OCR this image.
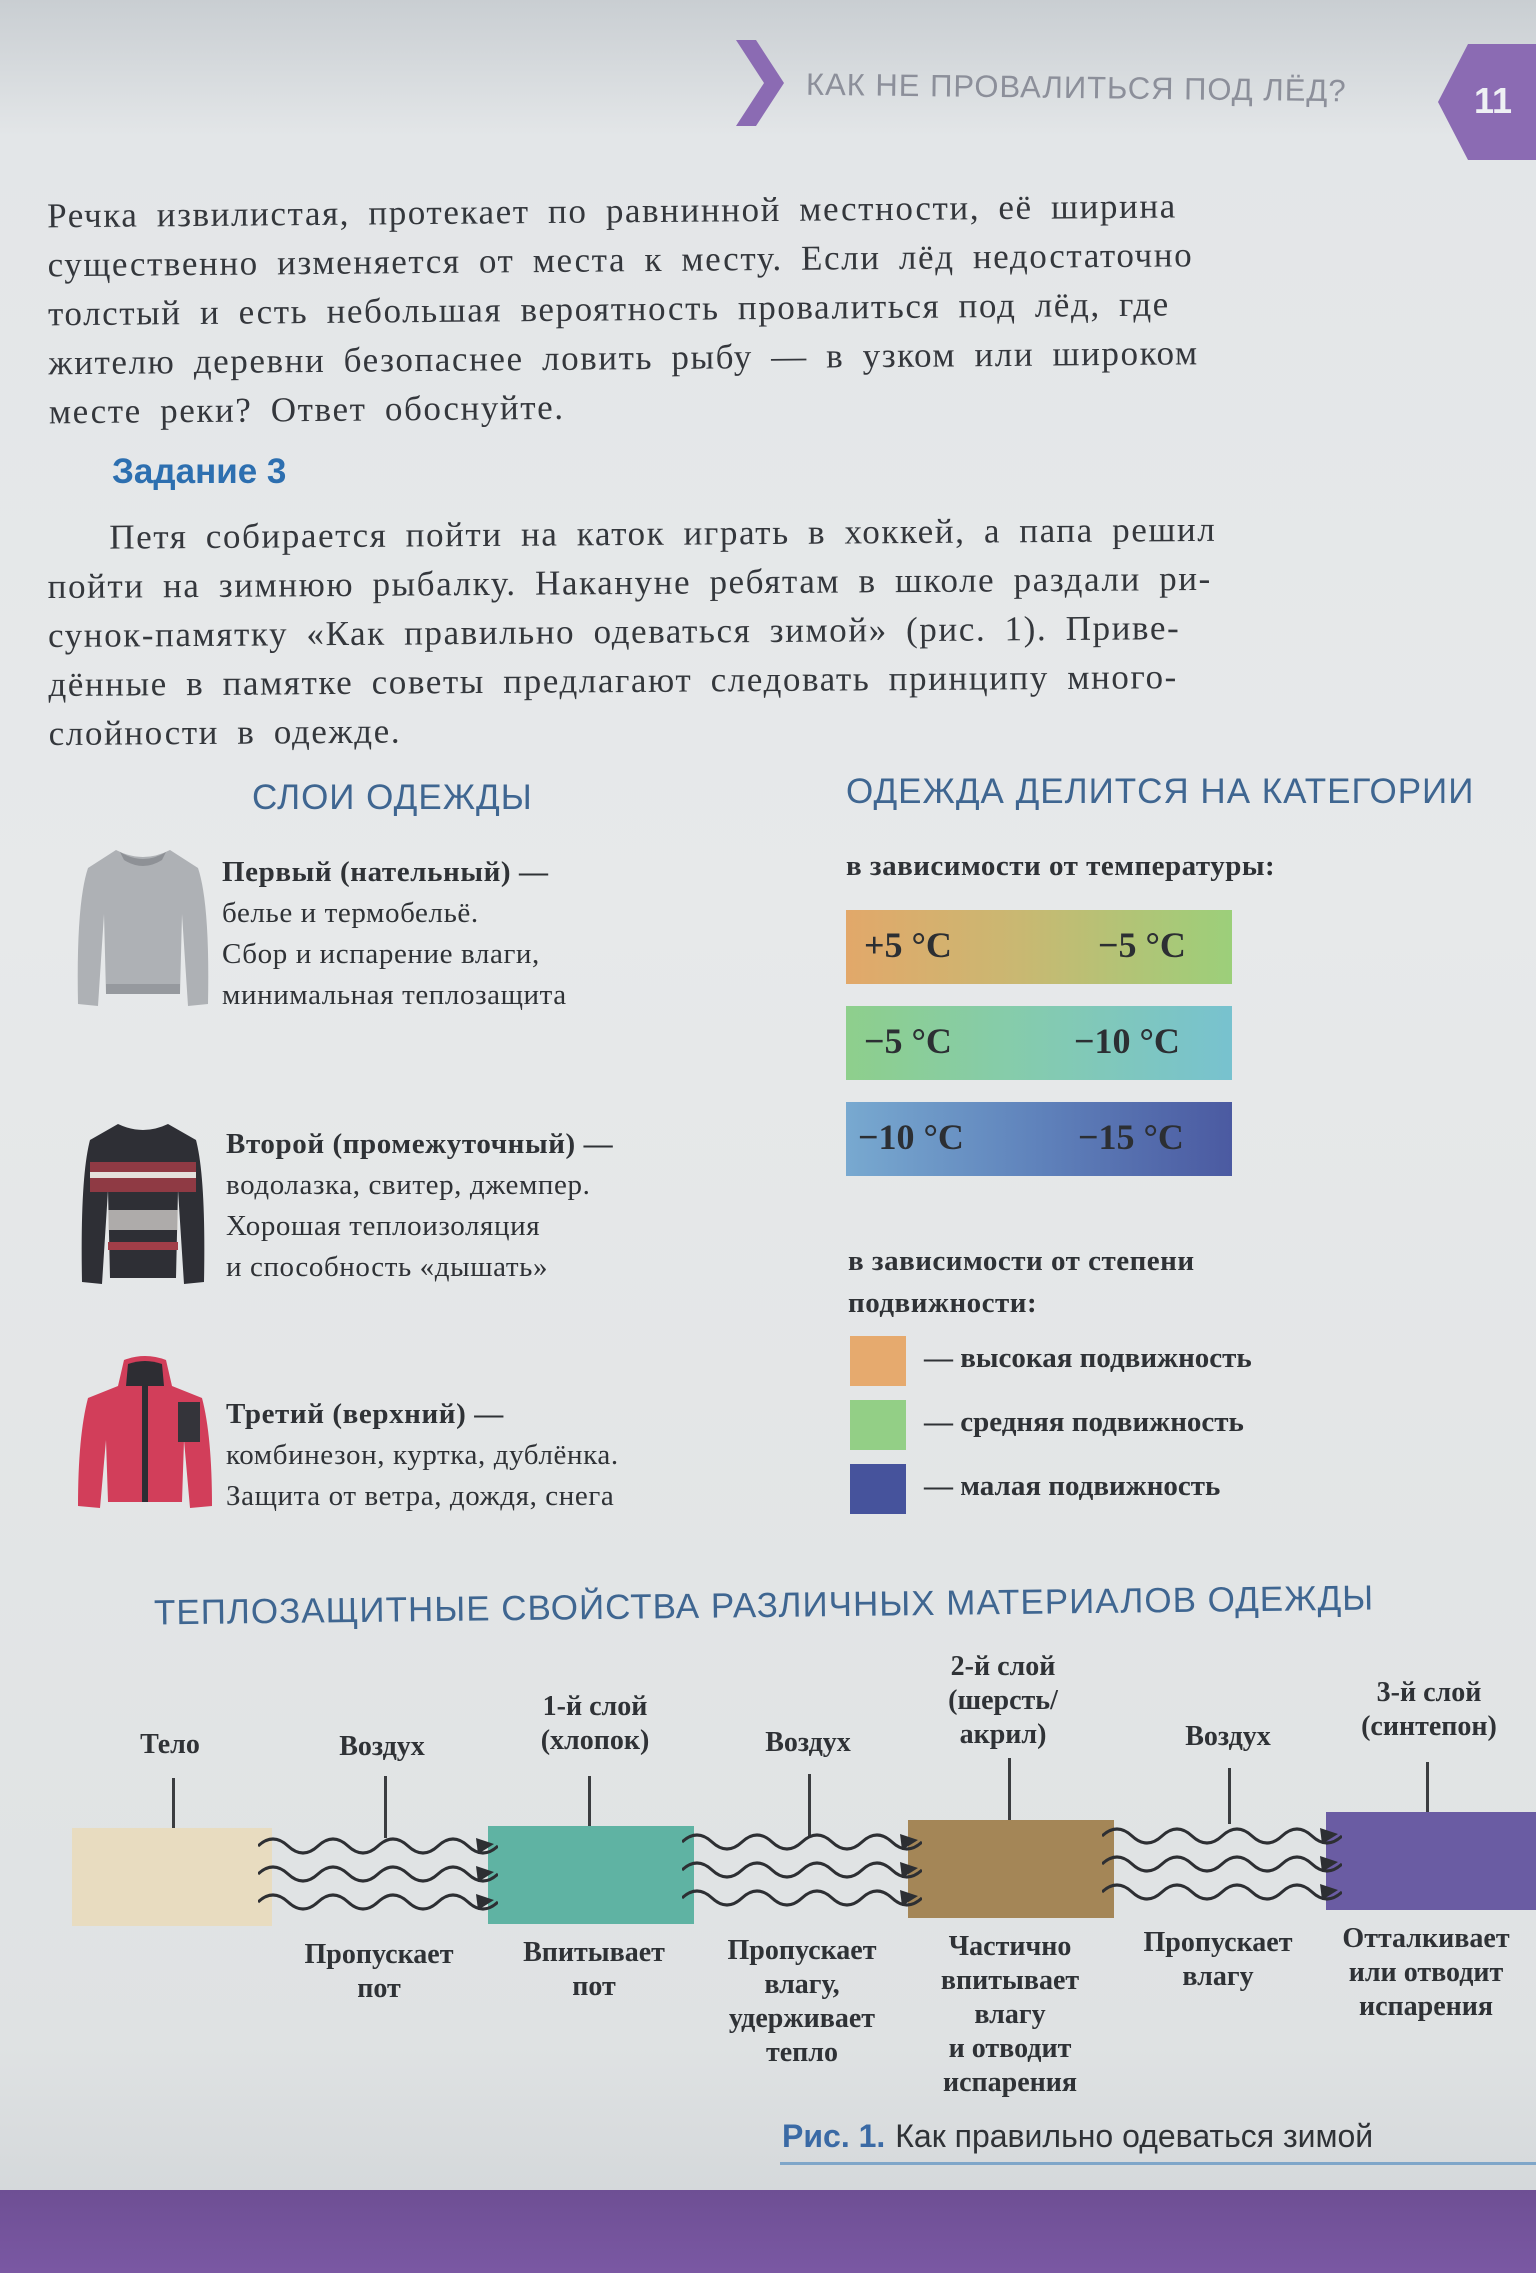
КАК НЕ ПРОВАЛИТЬСЯ ПОД ЛЁД?	11
Речка извилистая, протекает по равнинной местности, её ширина
существенно изменяется от места к месту. Если лёд недостаточно
толстый и есть небольшая вероятность провалиться под лёд, где
жителю деревни безопаснее ловить рыбу — в узком или широком
месте реки? Ответ обоснуйте.
Задание 3
Петя собирается пойти на каток играть в хоккей, а папа решил
пойти на зимнюю рыбалку. Накануне ребятам в школе раздали ри-
сунок-памятку «Как правильно одеваться зимой» (рис. 1). Приве-
дённые в памятке советы предлагают следовать принципу много-
слойности в одежде.
СЛОИ ОДЕЖДЫ
Первый (нательный) —
белье и термобельё.
Сбор и испарение влаги,
минимальная теплозащита
Второй (промежуточный) —
водолазка, свитер, джемпер.
Хорошая теплоизоляция
и способность «дышать»
Третий (верхний) —
комбинезон, куртка, дублёнка.
Защита от ветра, дождя, снега
ОДЕЖДА ДЕЛИТСЯ НА КАТЕГОРИИ
в зависимости от температуры:
+5 °C	−5 °C
−5 °C	−10 °C
−10 °C	−15 °C
в зависимости от степени
подвижности:
— высокая подвижность
— средняя подвижность
— малая подвижность
ТЕПЛОЗАЩИТНЫЕ СВОЙСТВА РАЗЛИЧНЫХ МАТЕРИАЛОВ ОДЕЖДЫ
Тело	Воздух
1-й слой
(хлопок)	Воздух
2-й слой
(шерсть/
акрил)	Воздух
3-й слой
(синтепон)
Пропускает
пот
Впитывает
пот
Пропускает
влагу,
удерживает
тепло
Частично
впитывает
влагу
и отводит
испарения
Пропускает
влагу
Отталкивает
или отводит
испарения
Рис. 1. Как правильно одеваться зимой
